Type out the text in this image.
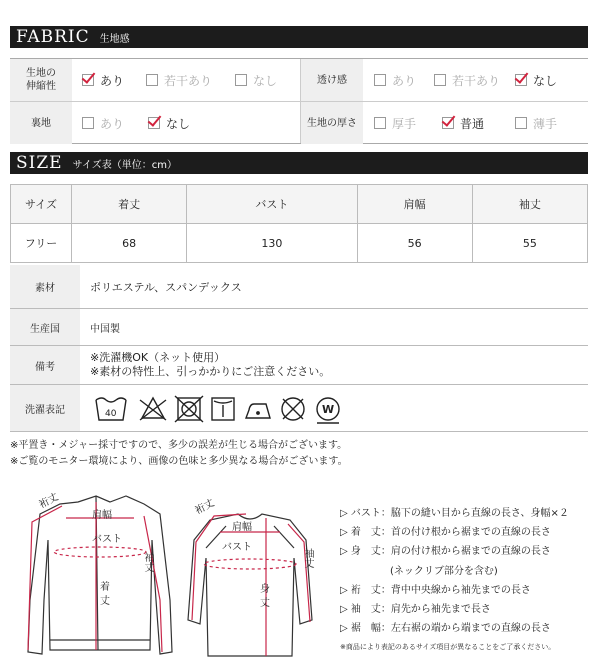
FABRIC 生地感
生地の
伸縮性	あり	若干あり	なし	透け感	あり	若干あり	なし
裏地	あり	なし	生地の厚さ	厚手	普通	薄手
SIZE サイズ表（単位：cm）
サイズ	着丈	バスト	肩幅	袖丈
フリー	68	130	56	55
素材	ポリエステル、スパンデックス
生産国	中国製
備考
※洗濯機OK（ネット使用）
※素材の特性上、引っかかりにご注意ください。
洗濯表記	40	W
※平置き・メジャー採寸ですので、多少の誤差が生じる場合がございます。
※ご覧のモニター環境により、画像の色味と多少異なる場合がございます。
裄丈
肩幅
バスト
袖丈
着
丈
裄丈
肩幅
バスト
袖丈
身
丈
▷ バスト：脇下の縫い目から直線の長さ、身幅×２
▷ 着　丈：首の付け根から裾までの直線の長さ
▷ 身　丈：肩の付け根から裾までの直線の長さ
　　　　　(ネックリブ部分を含む)
▷ 裄　丈：背中中央線から袖先までの長さ
▷ 袖　丈：肩先から袖先まで長さ
▷ 裾　幅：左右裾の端から端までの直線の長さ
※商品により表記のあるサイズ項目が異なることをご了承ください。
